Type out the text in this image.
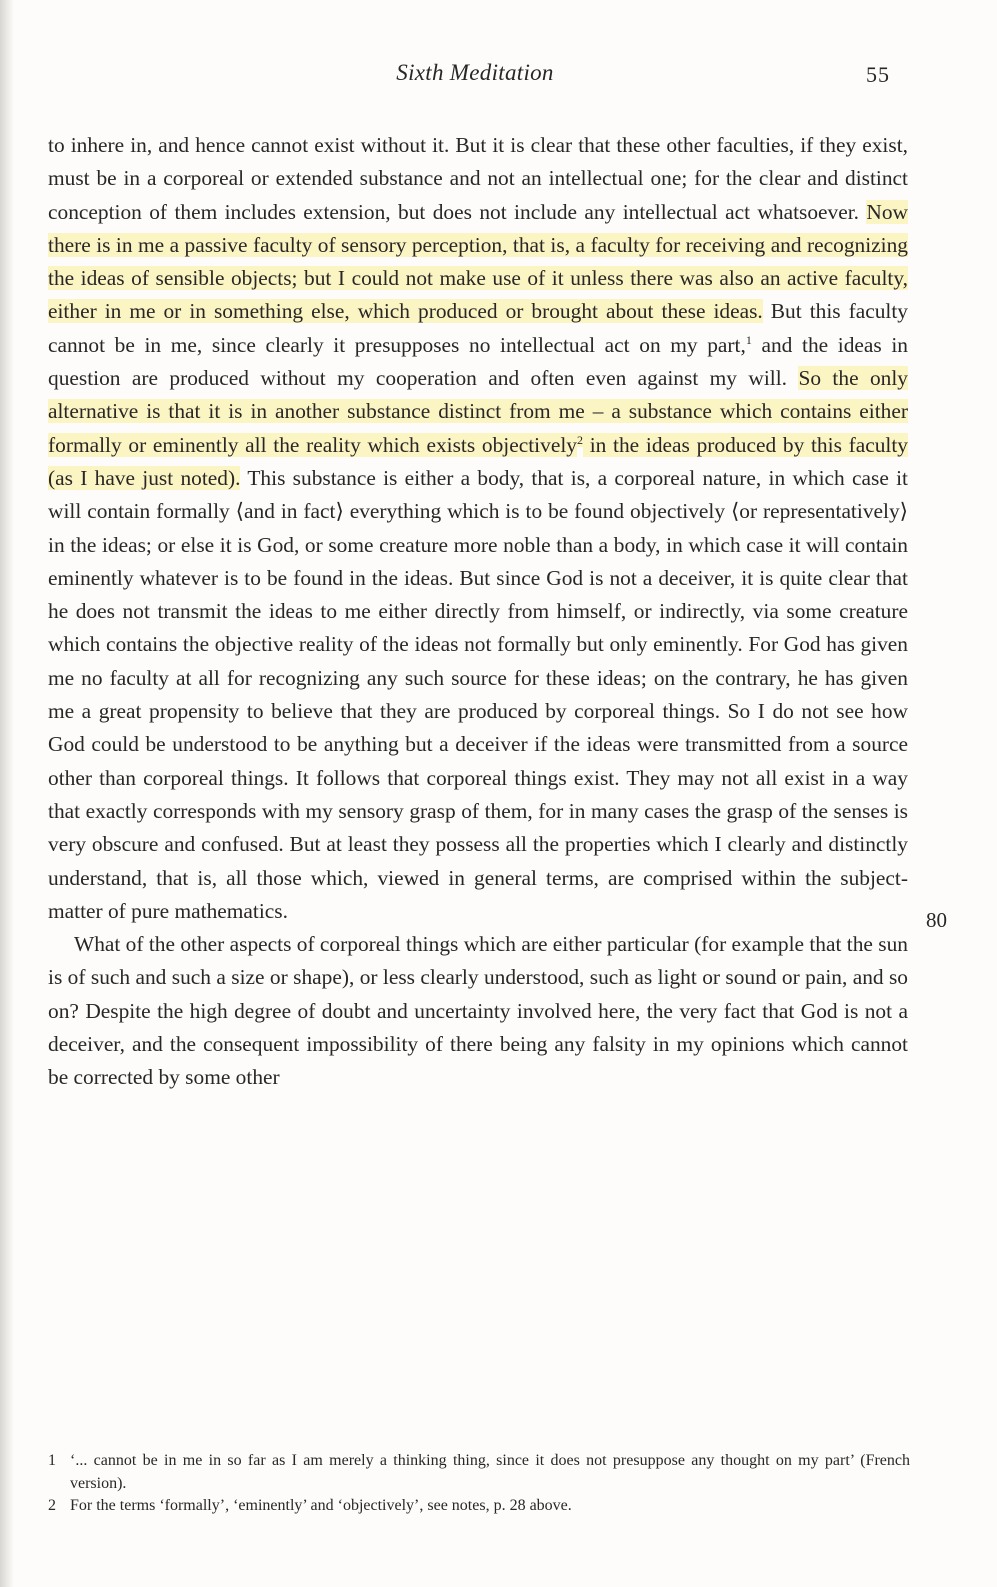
Sixth Meditation	55

to inhere in, and hence cannot exist without it. But it is clear that these other faculties, if they exist, must be in a corporeal or extended substance and not an intellectual one; for the clear and distinct conception of them includes extension, but does not include any intellectual act whatsoever. Now there is in me a passive faculty of sensory perception, that is, a faculty for receiving and recognizing the ideas of sensible objects; but I could not make use of it unless there was also an active faculty, either in me or in something else, which produced or brought about these ideas. But this faculty cannot be in me, since clearly it presupposes no intellectual act on my part,$^1$ and the ideas in question are produced without my cooperation and often even against my will. So the only alternative is that it is in another substance distinct from me – a substance which contains either formally or eminently all the reality which exists objectively$^2$ in the ideas produced by this faculty (as I have just noted). This substance is either a body, that is, a corporeal nature, in which case it will contain formally ⟨and in fact⟩ everything which is to be found objectively ⟨or representatively⟩ in the ideas; or else it is God, or some creature more noble than a body, in which case it will contain eminently whatever is to be found in the ideas. But since God is not a deceiver, it is quite clear that he does not transmit the ideas to me either directly from himself, or indirectly, via some creature which contains the objective reality of the ideas not formally but only eminently. For God has given me no faculty at all for recognizing any such source for these ideas; on the contrary, he has given me a great propensity to believe that they are produced by corporeal things. So I do not see how God could be understood to be anything but a deceiver if the ideas were transmitted from a source other than corporeal things. It follows that corporeal things exist. They may not all exist in a way that exactly corresponds with my sensory grasp of them, for in many cases the grasp of the senses is very obscure and confused. But at least they possess all the properties which I clearly and distinctly understand, that is, all those which, viewed in general terms, are comprised within the subject-matter of pure mathematics.

What of the other aspects of corporeal things which are either particular (for example that the sun is of such and such a size or shape), or less clearly understood, such as light or sound or pain, and so on? Despite the high degree of doubt and uncertainty involved here, the very fact that God is not a deceiver, and the consequent impossibility of there being any falsity in my opinions which cannot be corrected by some other

80
1 ‘... cannot be in me in so far as I am merely a thinking thing, since it does not presuppose any thought on my part’ (French version).
2 For the terms ‘formally’, ‘eminently’ and ‘objectively’, see notes, p. 28 above.
